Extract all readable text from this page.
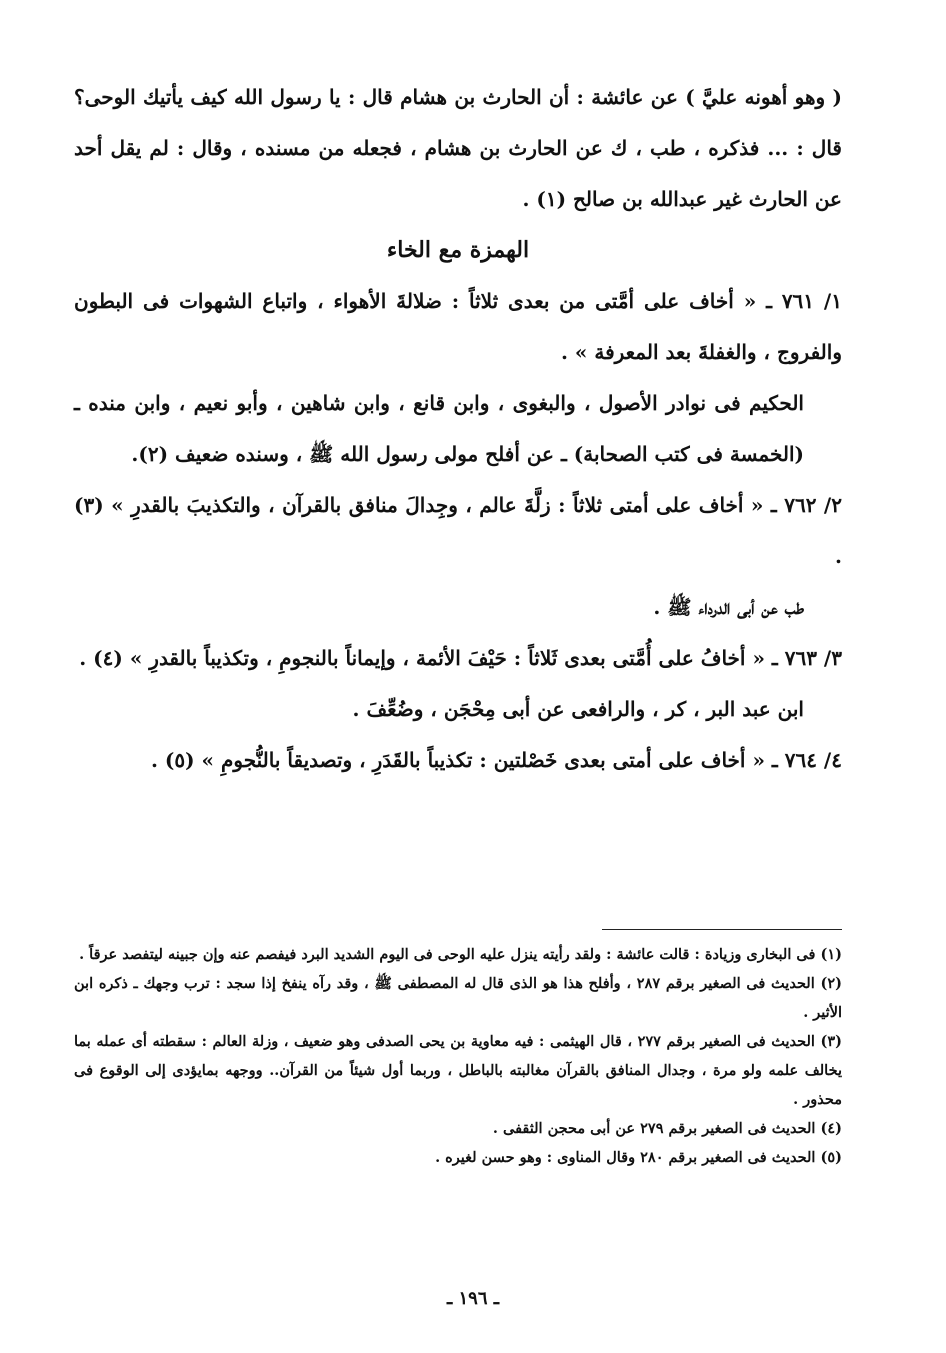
( وهو أهونه عليَّ ) عن عائشة : أن الحارث بن هشام قال : يا رسول الله كيف يأتيك الوحى؟ قال : ... فذكره ، طب ، ك عن الحارث بن هشام ، فجعله من مسنده ، وقال : لم يقل أحد عن الحارث غير عبدالله بن صالح (١) .

الهمزة مع الخاء

١/ ٧٦١ ـ « أخاف على أمَّتى من بعدى ثلاثاً : ضلالةَ الأهواء ، واتباع الشهوات فى البطون والفروج ، والغفلةَ بعد المعرفة » .

الحكيم فى نوادر الأصول ، والبغوى ، وابن قانع ، وابن شاهين ، وأبو نعيم ، وابن منده ـ (الخمسة فى كتب الصحابة) ـ عن أفلح مولى رسول الله ﷺ ، وسنده ضعيف (٢).

٢/ ٧٦٢ ـ « أخاف على أمتى ثلاثاً : زلَّةَ عالم ، وجِدالَ منافق بالقرآن ، والتكذيبَ بالقدرِ » (٣) .

طب عن أبى الدرداء ﷺ .

٣/ ٧٦٣ ـ « أخافُ على أُمَّتى بعدى ثَلاثاً : حَيْفَ الأئمة ، وإيماناً بالنجومِ ، وتكذيباً بالقدرِ » (٤) .

ابن عبد البر ، كر ، والرافعى عن أبى مِحْجَن ، وضُعِّفَ .

٤/ ٧٦٤ ـ « أخاف على أمتى بعدى خَصْلتين : تكذيباً بالقَدَرِ ، وتصديقاً بالنُّجومِ » (٥) .

(١) فى البخارى وزيادة : قالت عائشة : ولقد رأيته ينزل عليه الوحى فى اليوم الشديد البرد فيفصم عنه وإن جبينه ليتفصد عرقاً .

(٢) الحديث فى الصغير برقم ٢٨٧ ، وأفلح هذا هو الذى قال له المصطفى ﷺ ، وقد رآه ينفخ إذا سجد : ترب وجهك ـ ذكره ابن الأثير .

(٣) الحديث فى الصغير برقم ٢٧٧ ، قال الهيثمى : فيه معاوية بن يحى الصدفى وهو ضعيف ، وزلة العالم : سقطته أى عمله بما يخالف علمه ولو مرة ، وجدال المنافق بالقرآن مغالبته بالباطل ، وربما أول شيئاً من القرآن.. ووجهه بمايؤدى إلى الوقوع فى محذور .

(٤) الحديث فى الصغير برقم ٢٧٩ عن أبى محجن الثقفى .

(٥) الحديث فى الصغير برقم ٢٨٠ وقال المناوى : وهو حسن لغيره .

ـ ١٩٦ ـ
